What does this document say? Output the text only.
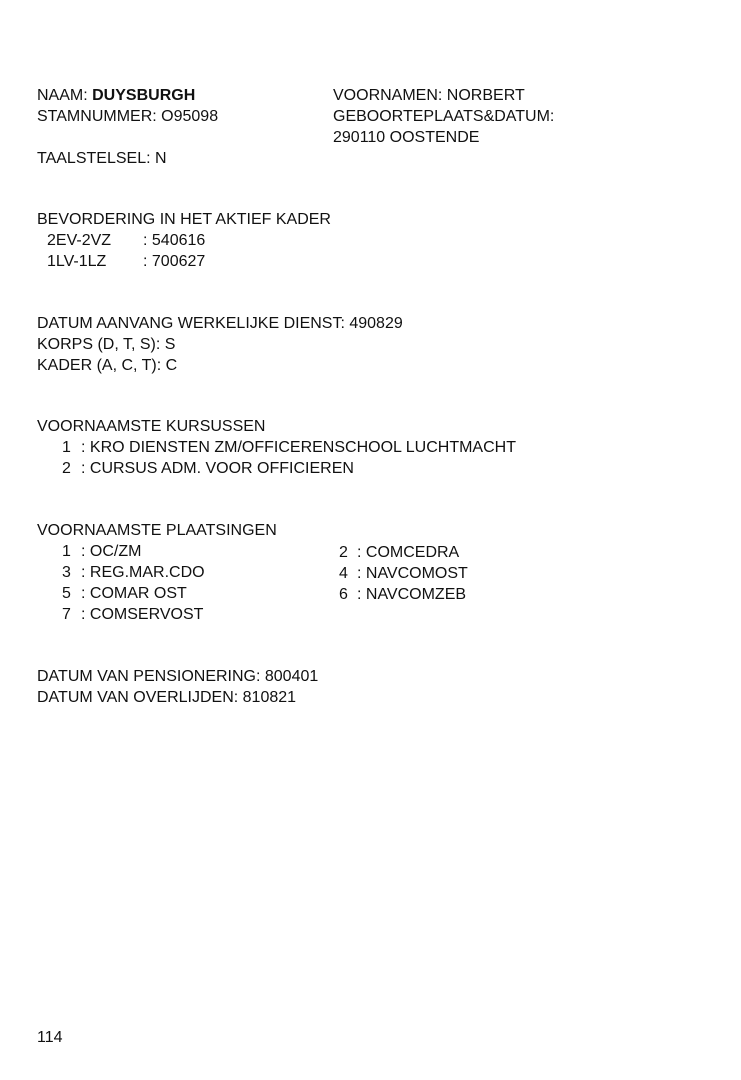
NAAM: DUYSBURGH
STAMNUMMER: O95098
VOORNAMEN: NORBERT
GEBOORTEPLAATS&DATUM:
290110 OOSTENDE
TAALSTELSEL: N
BEVORDERING IN HET AKTIEF KADER
2EV-2VZ : 540616
1LV-1LZ : 700627
DATUM AANVANG WERKELIJKE DIENST: 490829
KORPS (D, T, S): S
KADER (A, C, T): C
VOORNAAMSTE KURSUSSEN
1 : KRO DIENSTEN ZM/OFFICERENSCHOOL LUCHTMACHT
2 : CURSUS ADM. VOOR OFFICIEREN
VOORNAAMSTE PLAATSINGEN
1 : OC/ZM
3 : REG.MAR.CDO
5 : COMAR OST
7 : COMSERVOST
2 : COMCEDRA
4 : NAVCOMOST
6 : NAVCOMZEB
DATUM VAN PENSIONERING: 800401
DATUM VAN OVERLIJDEN: 810821
114
